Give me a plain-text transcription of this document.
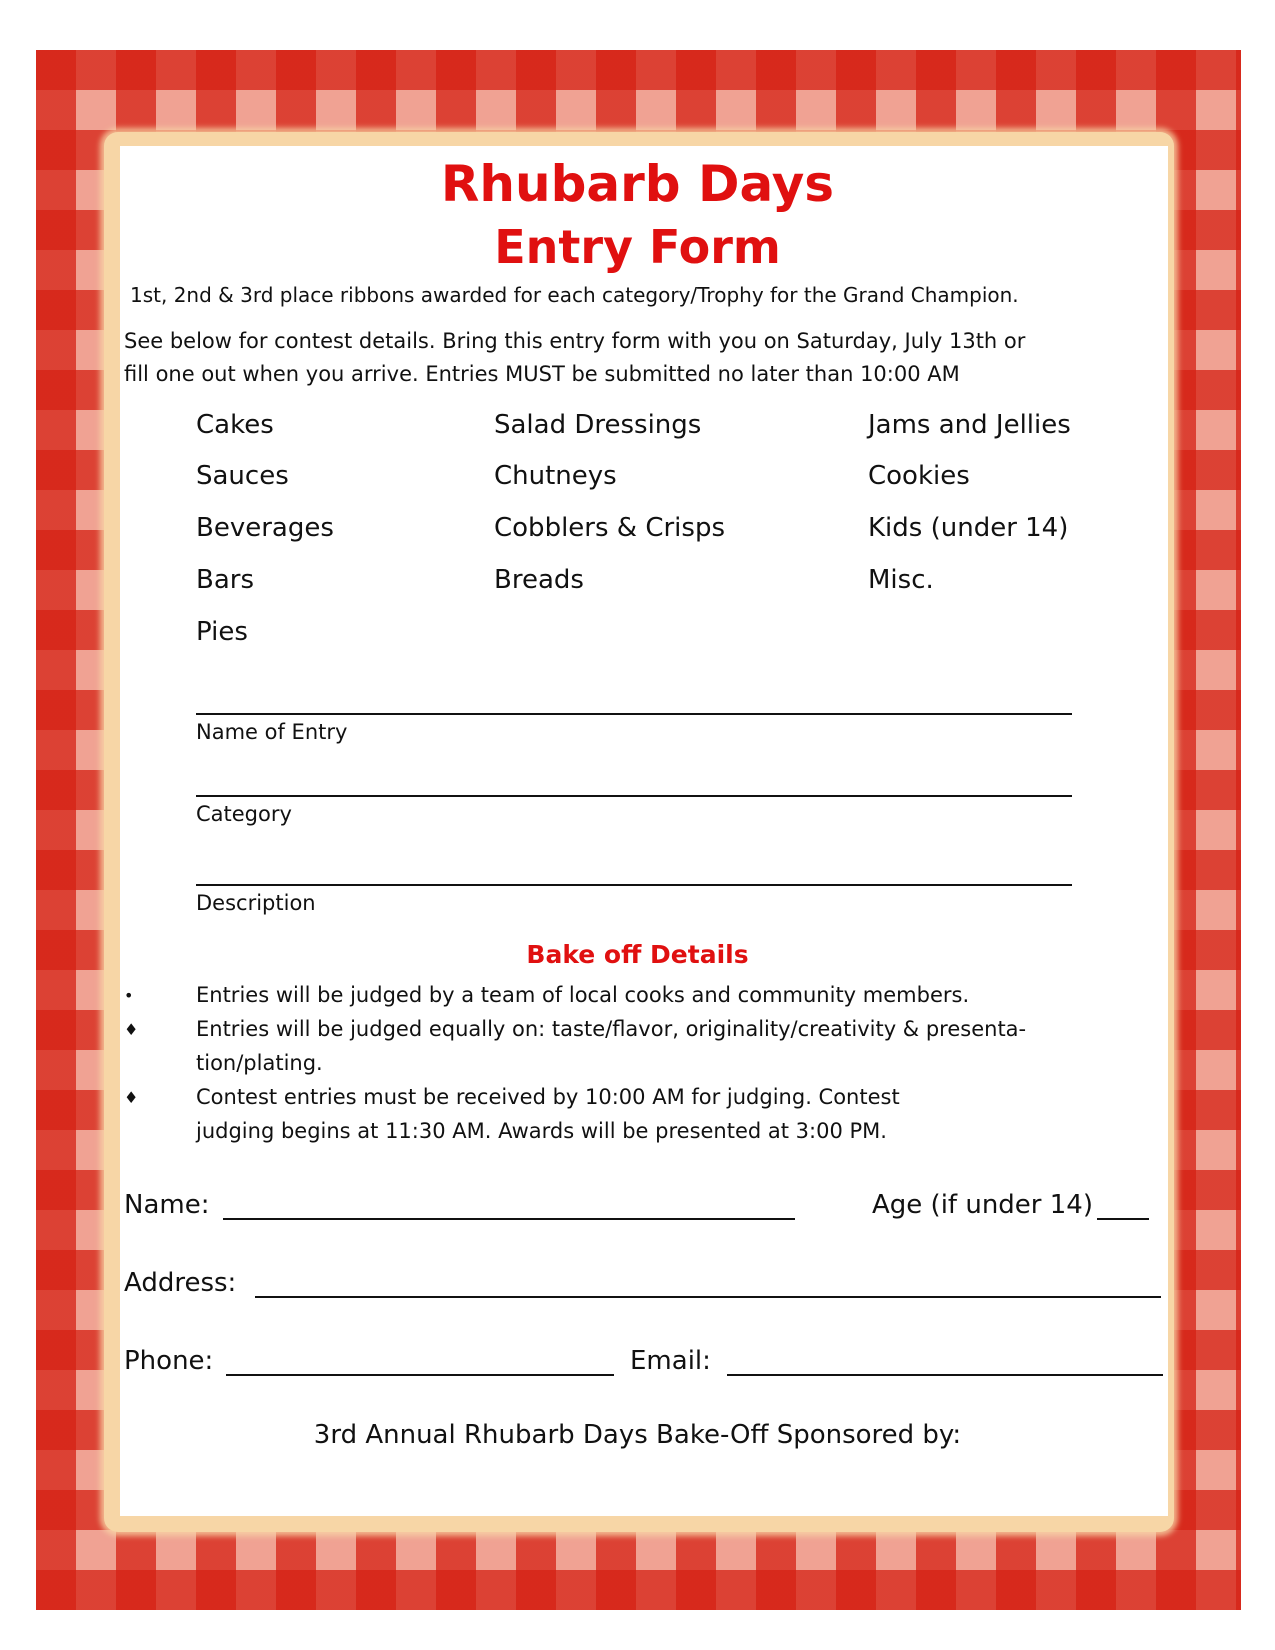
Rhubarb Days
Entry Form
1st, 2nd & 3rd place ribbons awarded for each category/Trophy for the Grand Champion.
See below for contest details. Bring this entry form with you on Saturday, July 13th or
fill one out when you arrive. Entries MUST be submitted no later than 10:00 AM
Cakes
Sauces
Beverages
Bars
Pies
Salad Dressings
Chutneys
Cobblers & Crisps
Breads
Jams and Jellies
Cookies
Kids (under 14)
Misc.
Name of Entry
Category
Description
Bake off Details
•	Entries will be judged by a team of local cooks and community members.
♦	Entries will be judged equally on: taste/flavor, originality/creativity & presenta-tion/plating.
♦	Contest entries must be received by 10:00 AM for judging. Contest judging begins at 11:30 AM. Awards will be presented at 3:00 PM.
Name:	Age (if under 14)
Address:
Phone:	Email:
3rd Annual Rhubarb Days Bake-Off Sponsored by:
